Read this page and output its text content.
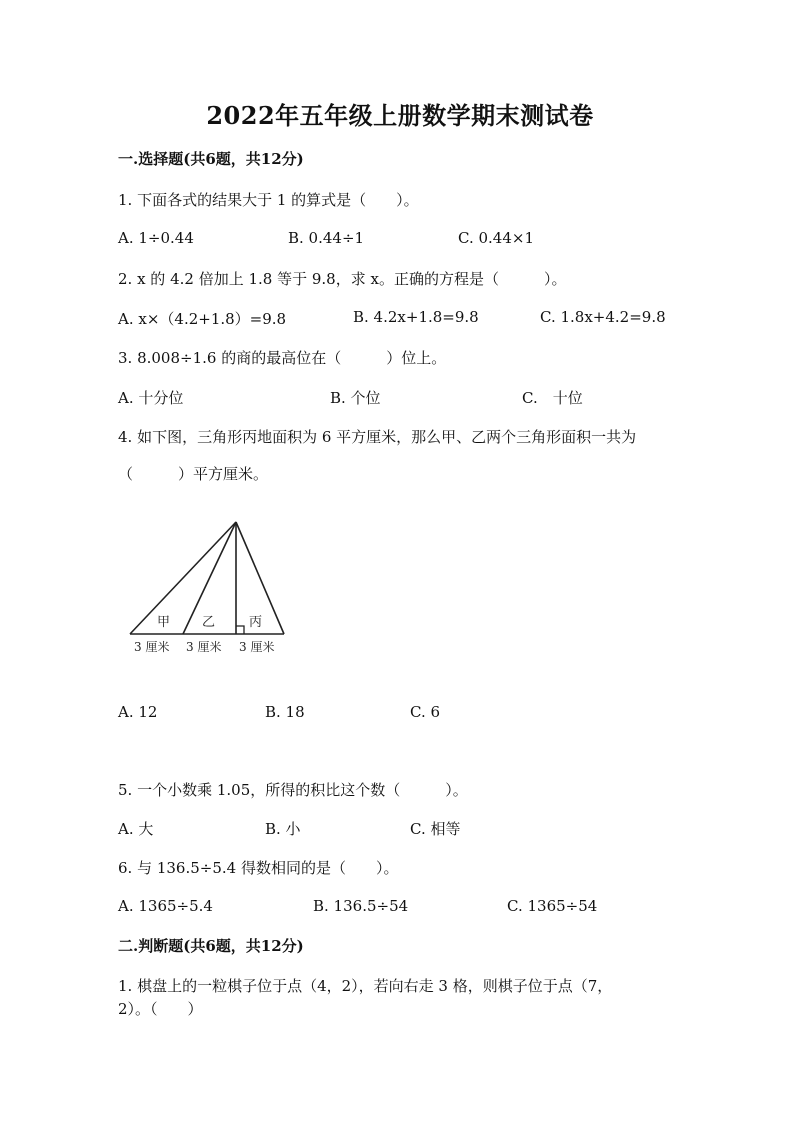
2022年五年级上册数学期末测试卷
一.选择题(共6题，共12分)
1. 下面各式的结果大于 1 的算式是（　　）。
A. 1÷0.44	B. 0.44÷1	C. 0.44×1
2. x 的 4.2 倍加上 1.8 等于 9.8，求 x。正确的方程是（　　　）。
A. x×（4.2+1.8）=9.8	B. 4.2x+1.8=9.8	C. 1.8x+4.2=9.8
3. 8.008÷1.6 的商的最高位在（　　　）位上。
A. 十分位	B. 个位	C.　十位
4. 如下图，三角形丙地面积为 6 平方厘米，那么甲、乙两个三角形面积一共为
（　　　）平方厘米。
甲 乙	丙
3 厘米 3 厘米 3 厘米
A. 12	B. 18	C. 6
5. 一个小数乘 1.05，所得的积比这个数（　　　）。
A. 大	B. 小	C. 相等
6. 与 136.5÷5.4 得数相同的是（　　）。
A. 1365÷5.4	B. 136.5÷54	C. 1365÷54
二.判断题(共6题，共12分)
1. 棋盘上的一粒棋子位于点（4，2），若向右走 3 格，则棋子位于点（7，
2）。（　　）
